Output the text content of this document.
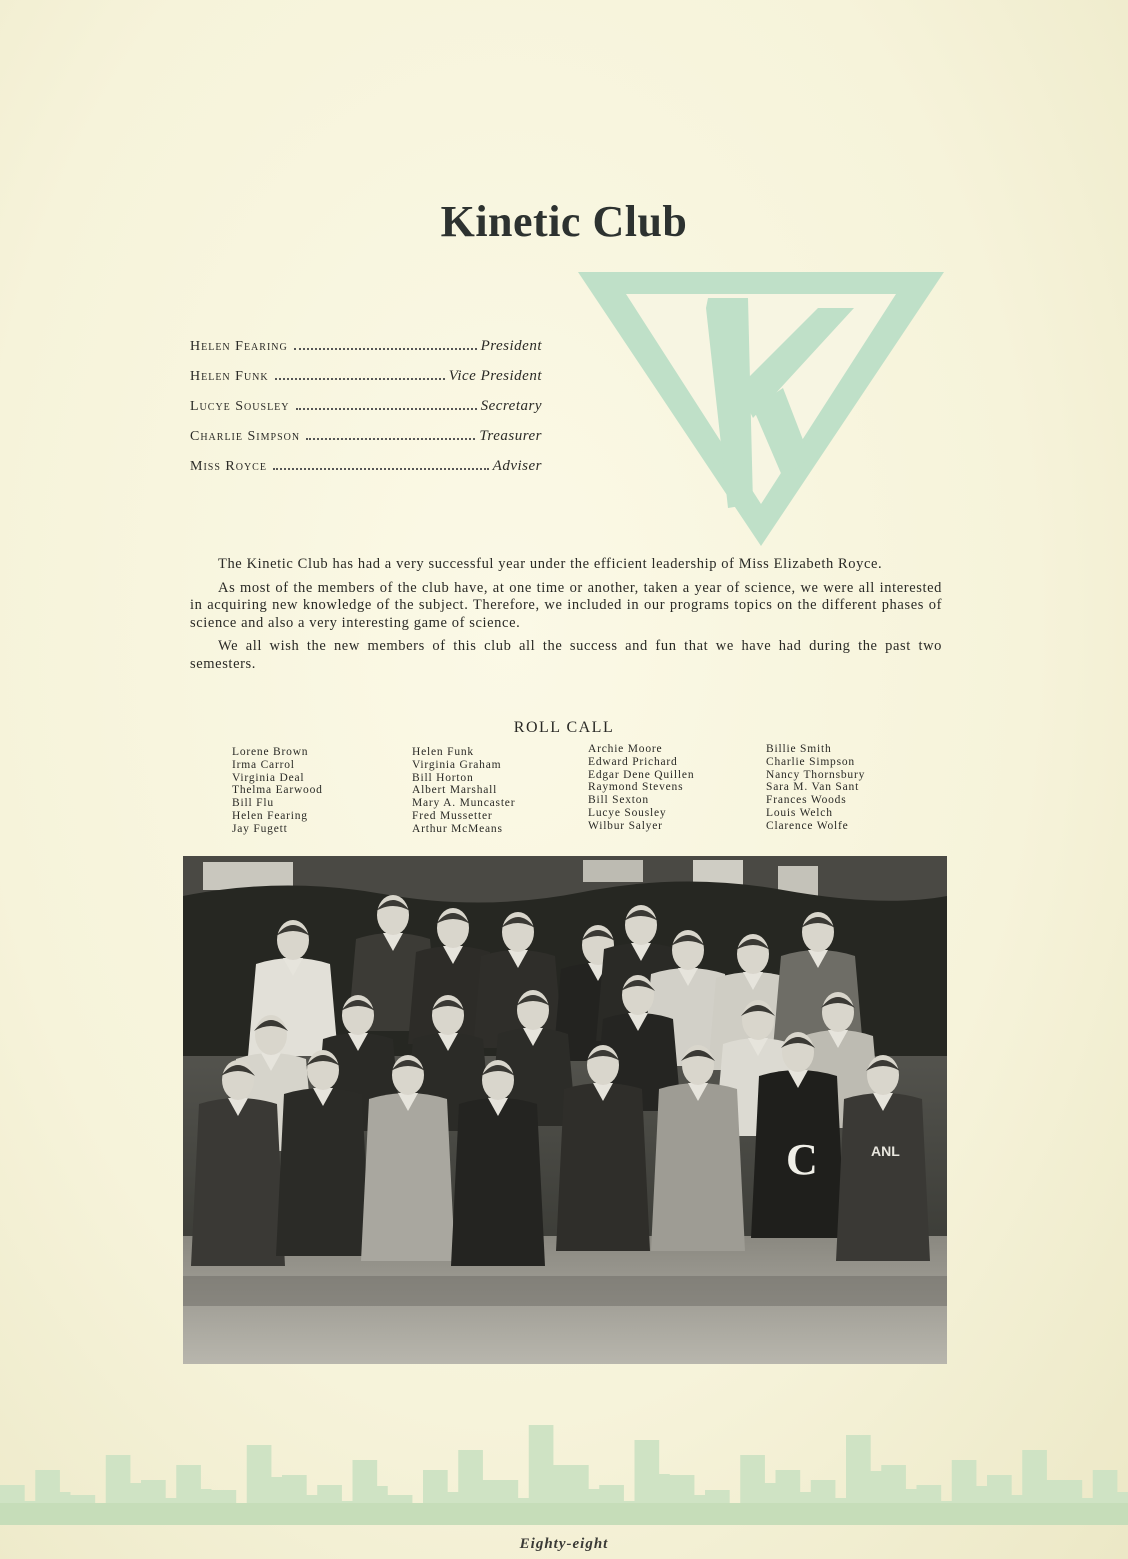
Kinetic Club
Helen Fearing	President
Helen Funk	Vice President
Lucye Sousley	Secretary
Charlie Simpson	Treasurer
Miss Royce	Adviser

The Kinetic Club has had a very successful year under the efficient leadership of Miss Elizabeth Royce.

As most of the members of the club have, at one time or another, taken a year of science, we were all interested in acquiring new knowledge of the subject. Therefore, we included in our programs topics on the different phases of science and also a very interesting game of science.

We all wish the new members of this club all the success and fun that we have had during the past two semesters.

ROLL CALL
Lorene Brown
Irma Carrol
Virginia Deal
Thelma Earwood
Bill Flu
Helen Fearing
Jay Fugett
Helen Funk
Virginia Graham
Bill Horton
Albert Marshall
Mary A. Muncaster
Fred Mussetter
Arthur McMeans
Archie Moore
Edward Prichard
Edgar Dene Quillen
Raymond Stevens
Bill Sexton
Lucye Sousley
Wilbur Salyer
Billie Smith
Charlie Simpson
Nancy Thornsbury
Sara M. Van Sant
Frances Woods
Louis Welch
Clarence Wolfe
C	ANL
Eighty-eight
